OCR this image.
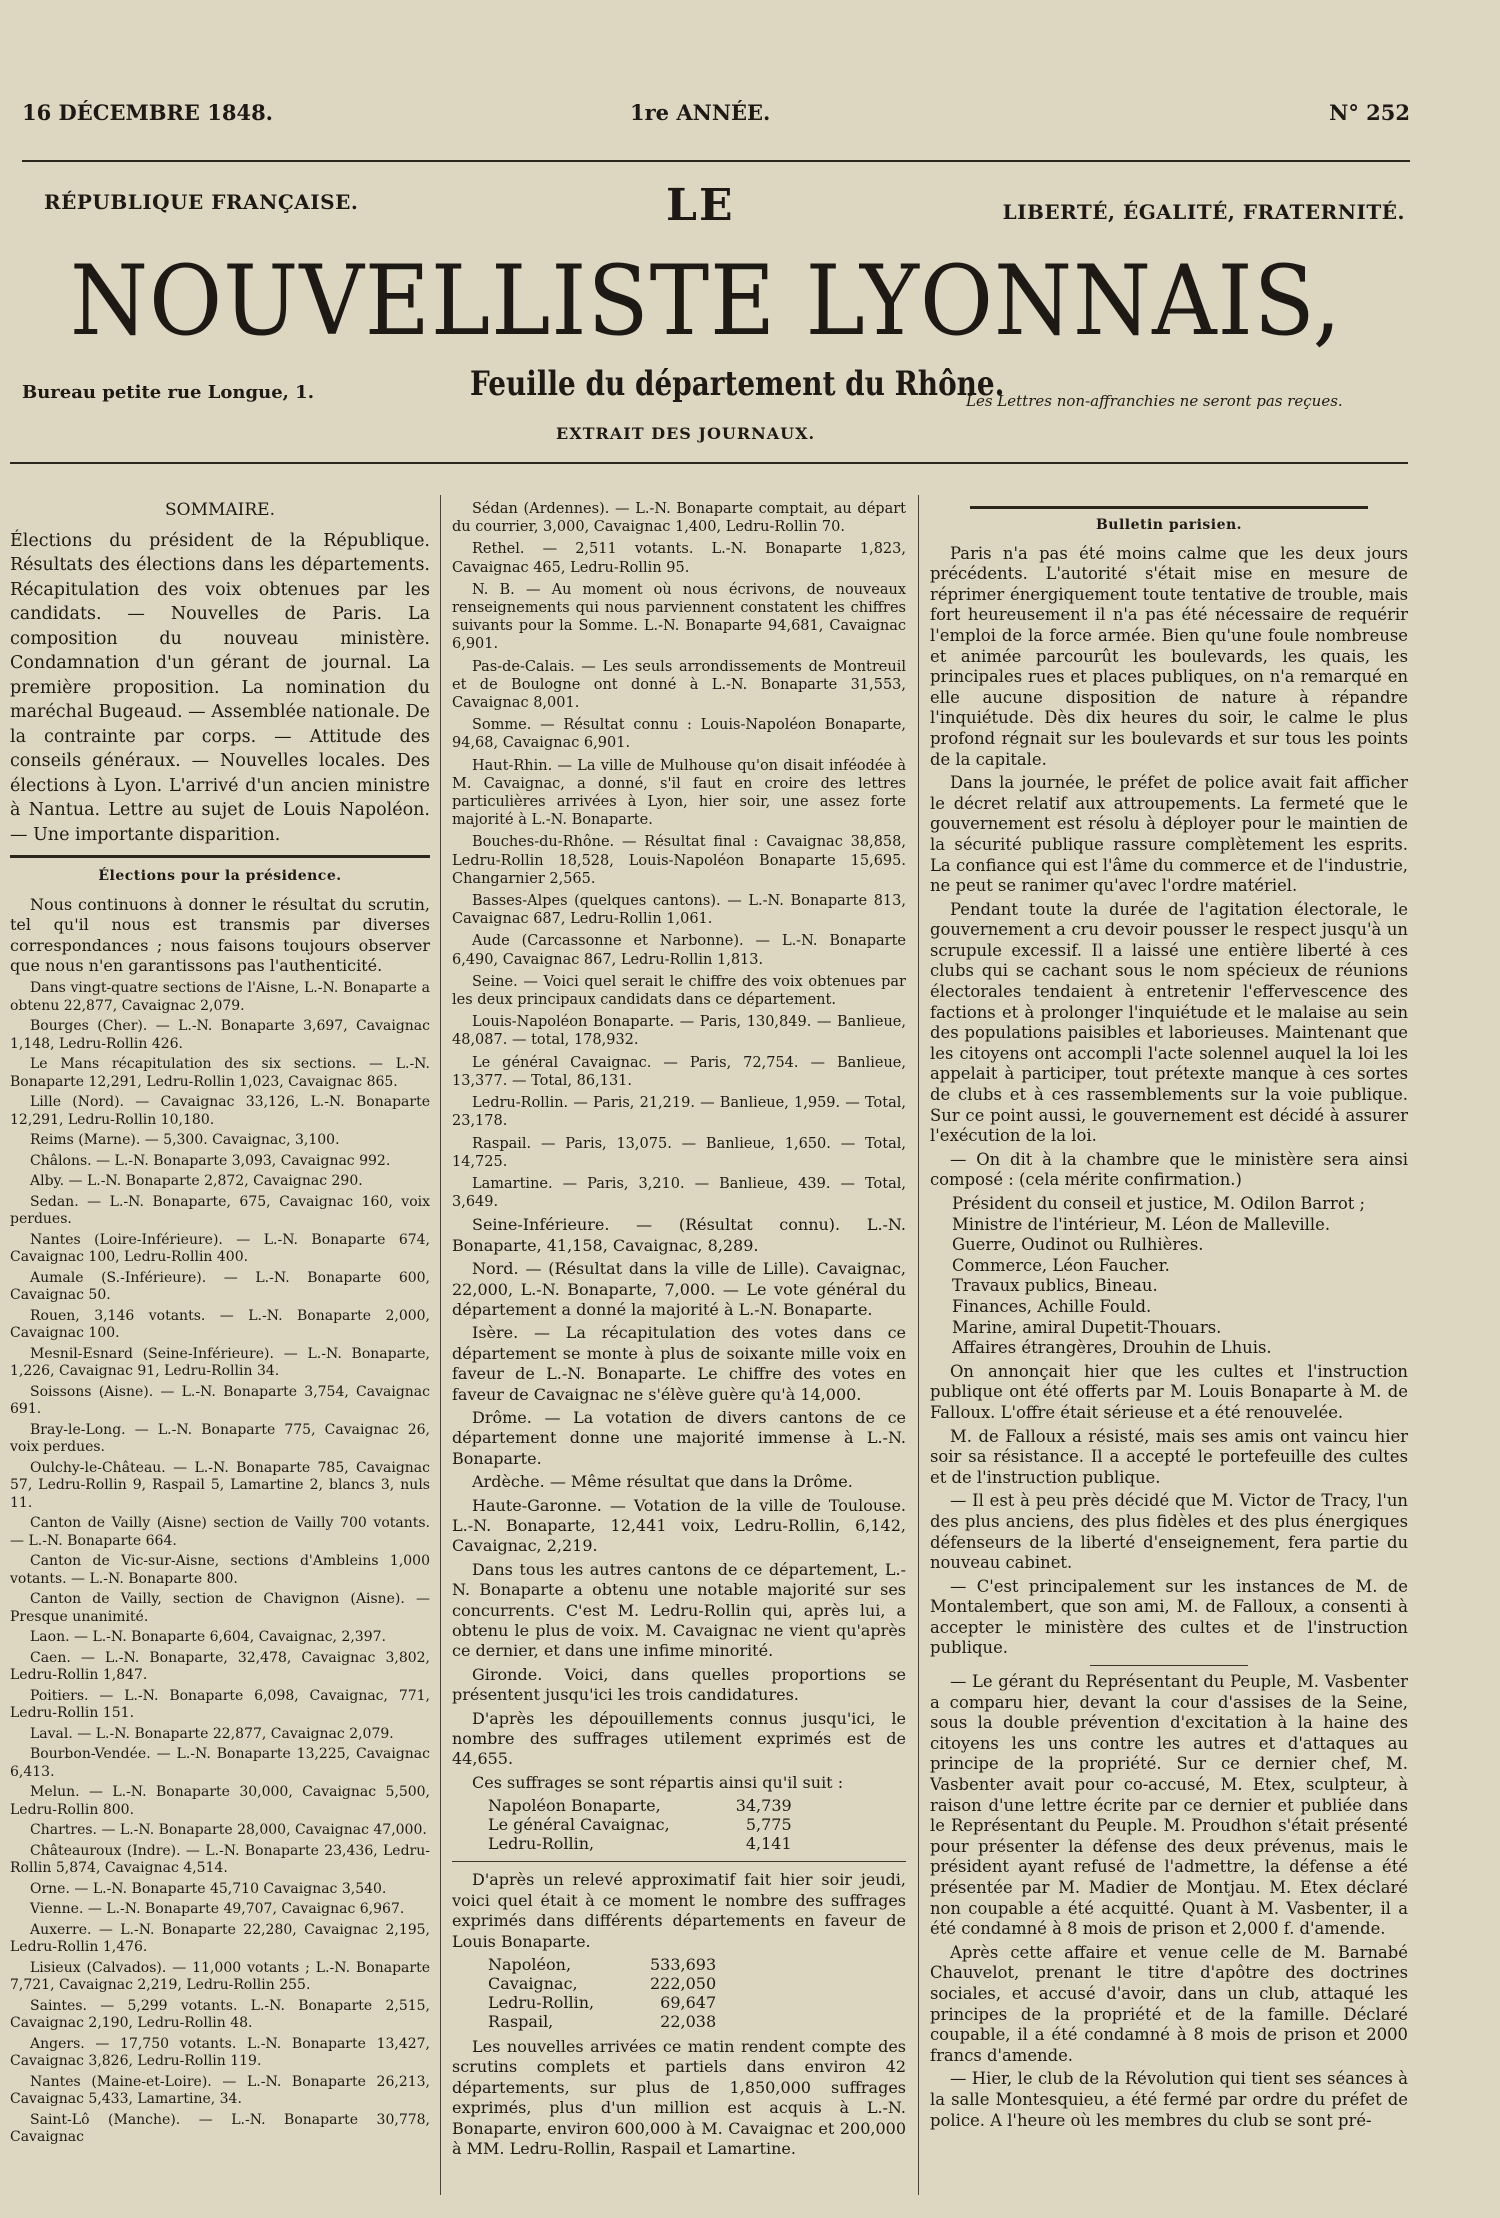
16 DÉCEMBRE 1848.	1re ANNÉE.	N° 252
RÉPUBLIQUE FRANÇAISE.	LE	LIBERTÉ, ÉGALITÉ, FRATERNITÉ.
NOUVELLISTE LYONNAIS,
Bureau petite rue Longue, 1.	Feuille du département du Rhône.
EXTRAIT DES JOURNAUX.
Les Lettres non-affranchies ne seront pas reçues.
SOMMAIRE.

Élections du président de la République. Résultats des élections dans les départements. Récapitulation des voix obtenues par les candidats. — Nouvelles de Paris. La composition du nouveau ministère. Condamnation d'un gérant de journal. La première proposition. La nomination du maréchal Bugeaud. — Assemblée nationale. De la contrainte par corps. — Attitude des conseils généraux. — Nouvelles locales. Des élections à Lyon. L'arrivé d'un ancien ministre à Nantua. Lettre au sujet de Louis Napoléon. — Une importante disparition.

Élections pour la présidence.

Nous continuons à donner le résultat du scrutin, tel qu'il nous est transmis par diverses correspondances ; nous faisons toujours observer que nous n'en garantissons pas l'authenticité.

Dans vingt-quatre sections de l'Aisne, L.-N. Bonaparte a obtenu 22,877, Cavaignac 2,079.

Bourges (Cher). — L.-N. Bonaparte 3,697, Cavaignac 1,148, Ledru-Rollin 426.

Le Mans récapitulation des six sections. — L.-N. Bonaparte 12,291, Ledru-Rollin 1,023, Cavaignac 865.

Lille (Nord). — Cavaignac 33,126, L.-N. Bonaparte 12,291, Ledru-Rollin 10,180.

Reims (Marne). — 5,300. Cavaignac, 3,100.

Châlons. — L.-N. Bonaparte 3,093, Cavaignac 992.

Alby. — L.-N. Bonaparte 2,872, Cavaignac 290.

Sedan. — L.-N. Bonaparte, 675, Cavaignac 160, voix perdues.

Nantes (Loire-Inférieure). — L.-N. Bonaparte 674, Cavaignac 100, Ledru-Rollin 400.

Aumale (S.-Inférieure). — L.-N. Bonaparte 600, Cavaignac 50.

Rouen, 3,146 votants. — L.-N. Bonaparte 2,000, Cavaignac 100.

Mesnil-Esnard (Seine-Inférieure). — L.-N. Bonaparte, 1,226, Cavaignac 91, Ledru-Rollin 34.

Soissons (Aisne). — L.-N. Bonaparte 3,754, Cavaignac 691.

Bray-le-Long. — L.-N. Bonaparte 775, Cavaignac 26, voix perdues.

Oulchy-le-Château. — L.-N. Bonaparte 785, Cavaignac 57, Ledru-Rollin 9, Raspail 5, Lamartine 2, blancs 3, nuls 11.

Canton de Vailly (Aisne) section de Vailly 700 votants. — L.-N. Bonaparte 664.

Canton de Vic-sur-Aisne, sections d'Ambleins 1,000 votants. — L.-N. Bonaparte 800.

Canton de Vailly, section de Chavignon (Aisne). — Presque unanimité.

Laon. — L.-N. Bonaparte 6,604, Cavaignac, 2,397.

Caen. — L.-N. Bonaparte, 32,478, Cavaignac 3,802, Ledru-Rollin 1,847.

Poitiers. — L.-N. Bonaparte 6,098, Cavaignac, 771, Ledru-Rollin 151.

Laval. — L.-N. Bonaparte 22,877, Cavaignac 2,079.

Bourbon-Vendée. — L.-N. Bonaparte 13,225, Cavaignac 6,413.

Melun. — L.-N. Bonaparte 30,000, Cavaignac 5,500, Ledru-Rollin 800.

Chartres. — L.-N. Bonaparte 28,000, Cavaignac 47,000.

Châteauroux (Indre). — L.-N. Bonaparte 23,436, Ledru-Rollin 5,874, Cavaignac 4,514.

Orne. — L.-N. Bonaparte 45,710 Cavaignac 3,540.

Vienne. — L.-N. Bonaparte 49,707, Cavaignac 6,967.

Auxerre. — L.-N. Bonaparte 22,280, Cavaignac 2,195, Ledru-Rollin 1,476.

Lisieux (Calvados). — 11,000 votants ; L.-N. Bonaparte 7,721, Cavaignac 2,219, Ledru-Rollin 255.

Saintes. — 5,299 votants. L.-N. Bonaparte 2,515, Cavaignac 2,190, Ledru-Rollin 48.

Angers. — 17,750 votants. L.-N. Bonaparte 13,427, Cavaignac 3,826, Ledru-Rollin 119.

Nantes (Maine-et-Loire). — L.-N. Bonaparte 26,213, Cavaignac 5,433, Lamartine, 34.

Saint-Lô (Manche). — L.-N. Bonaparte 30,778, Cavaignac

Sédan (Ardennes). — L.-N. Bonaparte comptait, au départ du courrier, 3,000, Cavaignac 1,400, Ledru-Rollin 70.

Rethel. — 2,511 votants. L.-N. Bonaparte 1,823, Cavaignac 465, Ledru-Rollin 95.

N. B. — Au moment où nous écrivons, de nouveaux renseignements qui nous parviennent constatent les chiffres suivants pour la Somme. L.-N. Bonaparte 94,681, Cavaignac 6,901.

Pas-de-Calais. — Les seuls arrondissements de Montreuil et de Boulogne ont donné à L.-N. Bonaparte 31,553, Cavaignac 8,001.

Somme. — Résultat connu : Louis-Napoléon Bonaparte, 94,68, Cavaignac 6,901.

Haut-Rhin. — La ville de Mulhouse qu'on disait inféodée à M. Cavaignac, a donné, s'il faut en croire des lettres particulières arrivées à Lyon, hier soir, une assez forte majorité à L.-N. Bonaparte.

Bouches-du-Rhône. — Résultat final : Cavaignac 38,858, Ledru-Rollin 18,528, Louis-Napoléon Bonaparte 15,695. Changarnier 2,565.

Basses-Alpes (quelques cantons). — L.-N. Bonaparte 813, Cavaignac 687, Ledru-Rollin 1,061.

Aude (Carcassonne et Narbonne). — L.-N. Bonaparte 6,490, Cavaignac 867, Ledru-Rollin 1,813.

Seine. — Voici quel serait le chiffre des voix obtenues par les deux principaux candidats dans ce département.

Louis-Napoléon Bonaparte. — Paris, 130,849. — Banlieue, 48,087. — total, 178,932.

Le général Cavaignac. — Paris, 72,754. — Banlieue, 13,377. — Total, 86,131.

Ledru-Rollin. — Paris, 21,219. — Banlieue, 1,959. — Total, 23,178.

Raspail. — Paris, 13,075. — Banlieue, 1,650. — Total, 14,725.

Lamartine. — Paris, 3,210. — Banlieue, 439. — Total, 3,649.

Seine-Inférieure. — (Résultat connu). L.-N. Bonaparte, 41,158, Cavaignac, 8,289.

Nord. — (Résultat dans la ville de Lille). Cavaignac, 22,000, L.-N. Bonaparte, 7,000. — Le vote général du département a donné la majorité à L.-N. Bonaparte.

Isère. — La récapitulation des votes dans ce département se monte à plus de soixante mille voix en faveur de L.-N. Bonaparte. Le chiffre des votes en faveur de Cavaignac ne s'élève guère qu'à 14,000.

Drôme. — La votation de divers cantons de ce département donne une majorité immense à L.-N. Bonaparte.

Ardèche. — Même résultat que dans la Drôme.

Haute-Garonne. — Votation de la ville de Toulouse. L.-N. Bonaparte, 12,441 voix, Ledru-Rollin, 6,142, Cavaignac, 2,219.

Dans tous les autres cantons de ce département, L.-N. Bonaparte a obtenu une notable majorité sur ses concurrents. C'est M. Ledru-Rollin qui, après lui, a obtenu le plus de voix. M. Cavaignac ne vient qu'après ce dernier, et dans une infime minorité.

Gironde. Voici, dans quelles proportions se présentent jusqu'ici les trois candidatures.

D'après les dépouillements connus jusqu'ici, le nombre des suffrages utilement exprimés est de 44,655.

Ces suffrages se sont répartis ainsi qu'il suit :

Napoléon Bonaparte,	34,739
Le général Cavaignac,	5,775
Ledru-Rollin,	4,141

D'après un relevé approximatif fait hier soir jeudi, voici quel était à ce moment le nombre des suffrages exprimés dans différents départements en faveur de Louis Bonaparte.

Napoléon,	533,693
Cavaignac,	222,050
Ledru-Rollin,	69,647
Raspail,	22,038

Les nouvelles arrivées ce matin rendent compte des scrutins complets et partiels dans environ 42 départements, sur plus de 1,850,000 suffrages exprimés, plus d'un million est acquis à L.-N. Bonaparte, environ 600,000 à M. Cavaignac et 200,000 à MM. Ledru-Rollin, Raspail et Lamartine.

Bulletin parisien.

Paris n'a pas été moins calme que les deux jours précédents. L'autorité s'était mise en mesure de réprimer énergiquement toute tentative de trouble, mais fort heureusement il n'a pas été nécessaire de requérir l'emploi de la force armée. Bien qu'une foule nombreuse et animée parcourût les boulevards, les quais, les principales rues et places publiques, on n'a remarqué en elle aucune disposition de nature à répandre l'inquiétude. Dès dix heures du soir, le calme le plus profond régnait sur les boulevards et sur tous les points de la capitale.

Dans la journée, le préfet de police avait fait afficher le décret relatif aux attroupements. La fermeté que le gouvernement est résolu à déployer pour le maintien de la sécurité publique rassure complètement les esprits. La confiance qui est l'âme du commerce et de l'industrie, ne peut se ranimer qu'avec l'ordre matériel.

Pendant toute la durée de l'agitation électorale, le gouvernement a cru devoir pousser le respect jusqu'à un scrupule excessif. Il a laissé une entière liberté à ces clubs qui se cachant sous le nom spécieux de réunions électorales tendaient à entretenir l'effervescence des factions et à prolonger l'inquiétude et le malaise au sein des populations paisibles et laborieuses. Maintenant que les citoyens ont accompli l'acte solennel auquel la loi les appelait à participer, tout prétexte manque à ces sortes de clubs et à ces rassemblements sur la voie publique. Sur ce point aussi, le gouvernement est décidé à assurer l'exécution de la loi.

— On dit à la chambre que le ministère sera ainsi composé : (cela mérite confirmation.)

Président du conseil et justice, M. Odilon Barrot ;
Ministre de l'intérieur, M. Léon de Malleville.
Guerre, Oudinot ou Rulhières.
Commerce, Léon Faucher.
Travaux publics, Bineau.
Finances, Achille Fould.
Marine, amiral Dupetit-Thouars.
Affaires étrangères, Drouhin de Lhuis.

On annonçait hier que les cultes et l'instruction publique ont été offerts par M. Louis Bonaparte à M. de Falloux. L'offre était sérieuse et a été renouvelée.

M. de Falloux a résisté, mais ses amis ont vaincu hier soir sa résistance. Il a accepté le portefeuille des cultes et de l'instruction publique.

— Il est à peu près décidé que M. Victor de Tracy, l'un des plus anciens, des plus fidèles et des plus énergiques défenseurs de la liberté d'enseignement, fera partie du nouveau cabinet.

— C'est principalement sur les instances de M. de Montalembert, que son ami, M. de Falloux, a consenti à accepter le ministère des cultes et de l'instruction publique.

— Le gérant du Représentant du Peuple, M. Vasbenter a comparu hier, devant la cour d'assises de la Seine, sous la double prévention d'excitation à la haine des citoyens les uns contre les autres et d'attaques au principe de la propriété. Sur ce dernier chef, M. Vasbenter avait pour co-accusé, M. Etex, sculpteur, à raison d'une lettre écrite par ce dernier et publiée dans le Représentant du Peuple. M. Proudhon s'était présenté pour présenter la défense des deux prévenus, mais le président ayant refusé de l'admettre, la défense a été présentée par M. Madier de Montjau. M. Etex déclaré non coupable a été acquitté. Quant à M. Vasbenter, il a été condamné à 8 mois de prison et 2,000 f. d'amende.

Après cette affaire et venue celle de M. Barnabé Chauvelot, prenant le titre d'apôtre des doctrines sociales, et accusé d'avoir, dans un club, attaqué les principes de la propriété et de la famille. Déclaré coupable, il a été condamné à 8 mois de prison et 2000 francs d'amende.

— Hier, le club de la Révolution qui tient ses séances à la salle Montesquieu, a été fermé par ordre du préfet de police. A l'heure où les membres du club se sont pré-
